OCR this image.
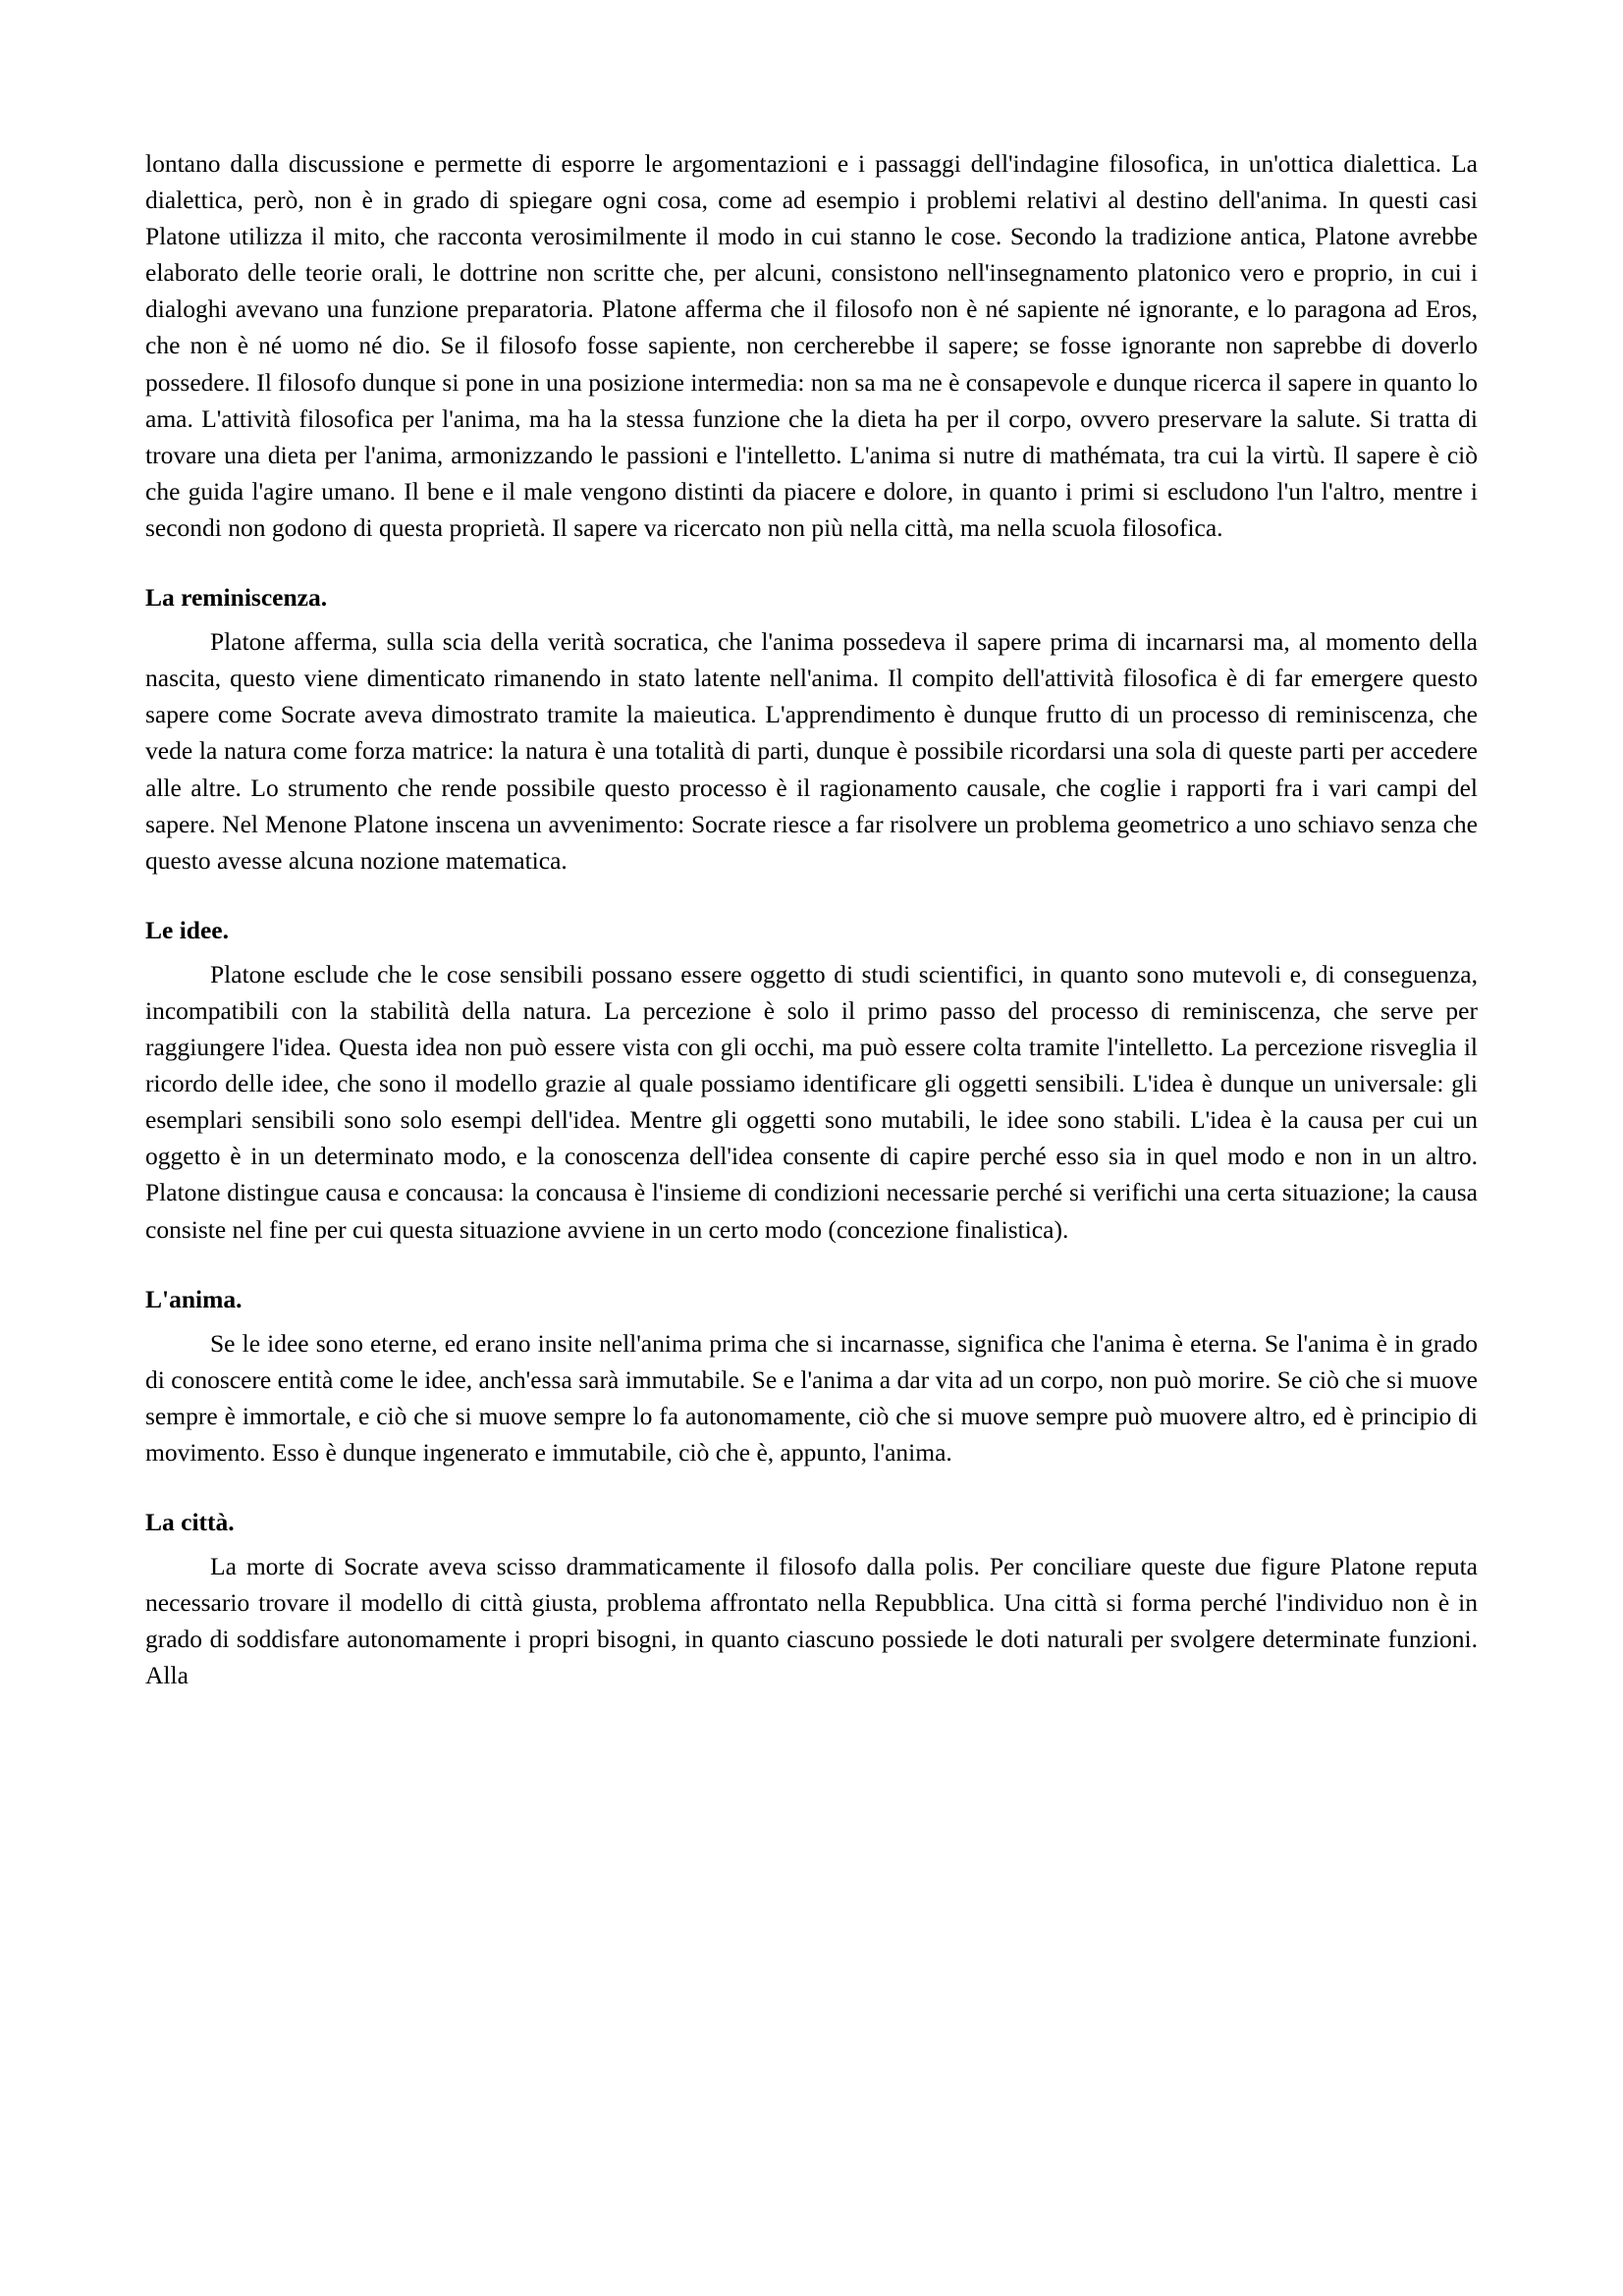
lontano dalla discussione e permette di esporre le argomentazioni e i passaggi dell'indagine filosofica, in un'ottica dialettica. La dialettica, però, non è in grado di spiegare ogni cosa, come ad esempio i problemi relativi al destino dell'anima. In questi casi Platone utilizza il mito, che racconta verosimilmente il modo in cui stanno le cose. Secondo la tradizione antica, Platone avrebbe elaborato delle teorie orali, le dottrine non scritte che, per alcuni, consistono nell'insegnamento platonico vero e proprio, in cui i dialoghi avevano una funzione preparatoria. Platone afferma che il filosofo non è né sapiente né ignorante, e lo paragona ad Eros, che non è né uomo né dio. Se il filosofo fosse sapiente, non cercherebbe il sapere; se fosse ignorante non saprebbe di doverlo possedere. Il filosofo dunque si pone in una posizione intermedia: non sa ma ne è consapevole e dunque ricerca il sapere in quanto lo ama. L'attività filosofica per l'anima, ma ha la stessa funzione che la dieta ha per il corpo, ovvero preservare la salute. Si tratta di trovare una dieta per l'anima, armonizzando le passioni e l'intelletto. L'anima si nutre di mathémata, tra cui la virtù. Il sapere è ciò che guida l'agire umano. Il bene e il male vengono distinti da piacere e dolore, in quanto i primi si escludono l'un l'altro, mentre i secondi non godono di questa proprietà. Il sapere va ricercato non più nella città, ma nella scuola filosofica.

La reminiscenza.

Platone afferma, sulla scia della verità socratica, che l'anima possedeva il sapere prima di incarnarsi ma, al momento della nascita, questo viene dimenticato rimanendo in stato latente nell'anima. Il compito dell'attività filosofica è di far emergere questo sapere come Socrate aveva dimostrato tramite la maieutica. L'apprendimento è dunque frutto di un processo di reminiscenza, che vede la natura come forza matrice: la natura è una totalità di parti, dunque è possibile ricordarsi una sola di queste parti per accedere alle altre. Lo strumento che rende possibile questo processo è il ragionamento causale, che coglie i rapporti fra i vari campi del sapere. Nel Menone Platone inscena un avvenimento: Socrate riesce a far risolvere un problema geometrico a uno schiavo senza che questo avesse alcuna nozione matematica.

Le idee.

Platone esclude che le cose sensibili possano essere oggetto di studi scientifici, in quanto sono mutevoli e, di conseguenza, incompatibili con la stabilità della natura. La percezione è solo il primo passo del processo di reminiscenza, che serve per raggiungere l'idea. Questa idea non può essere vista con gli occhi, ma può essere colta tramite l'intelletto. La percezione risveglia il ricordo delle idee, che sono il modello grazie al quale possiamo identificare gli oggetti sensibili. L'idea è dunque un universale: gli esemplari sensibili sono solo esempi dell'idea. Mentre gli oggetti sono mutabili, le idee sono stabili. L'idea è la causa per cui un oggetto è in un determinato modo, e la conoscenza dell'idea consente di capire perché esso sia in quel modo e non in un altro. Platone distingue causa e concausa: la concausa è l'insieme di condizioni necessarie perché si verifichi una certa situazione; la causa consiste nel fine per cui questa situazione avviene in un certo modo (concezione finalistica).

L'anima.

Se le idee sono eterne, ed erano insite nell'anima prima che si incarnasse, significa che l'anima è eterna. Se l'anima è in grado di conoscere entità come le idee, anch'essa sarà immutabile. Se e l'anima a dar vita ad un corpo, non può morire. Se ciò che si muove sempre è immortale, e ciò che si muove sempre lo fa autonomamente, ciò che si muove sempre può muovere altro, ed è principio di movimento. Esso è dunque ingenerato e immutabile, ciò che è, appunto, l'anima.

La città.

La morte di Socrate aveva scisso drammaticamente il filosofo dalla polis. Per conciliare queste due figure Platone reputa necessario trovare il modello di città giusta, problema affrontato nella Repubblica. Una città si forma perché l'individuo non è in grado di soddisfare autonomamente i propri bisogni, in quanto ciascuno possiede le doti naturali per svolgere determinate funzioni. Alla
